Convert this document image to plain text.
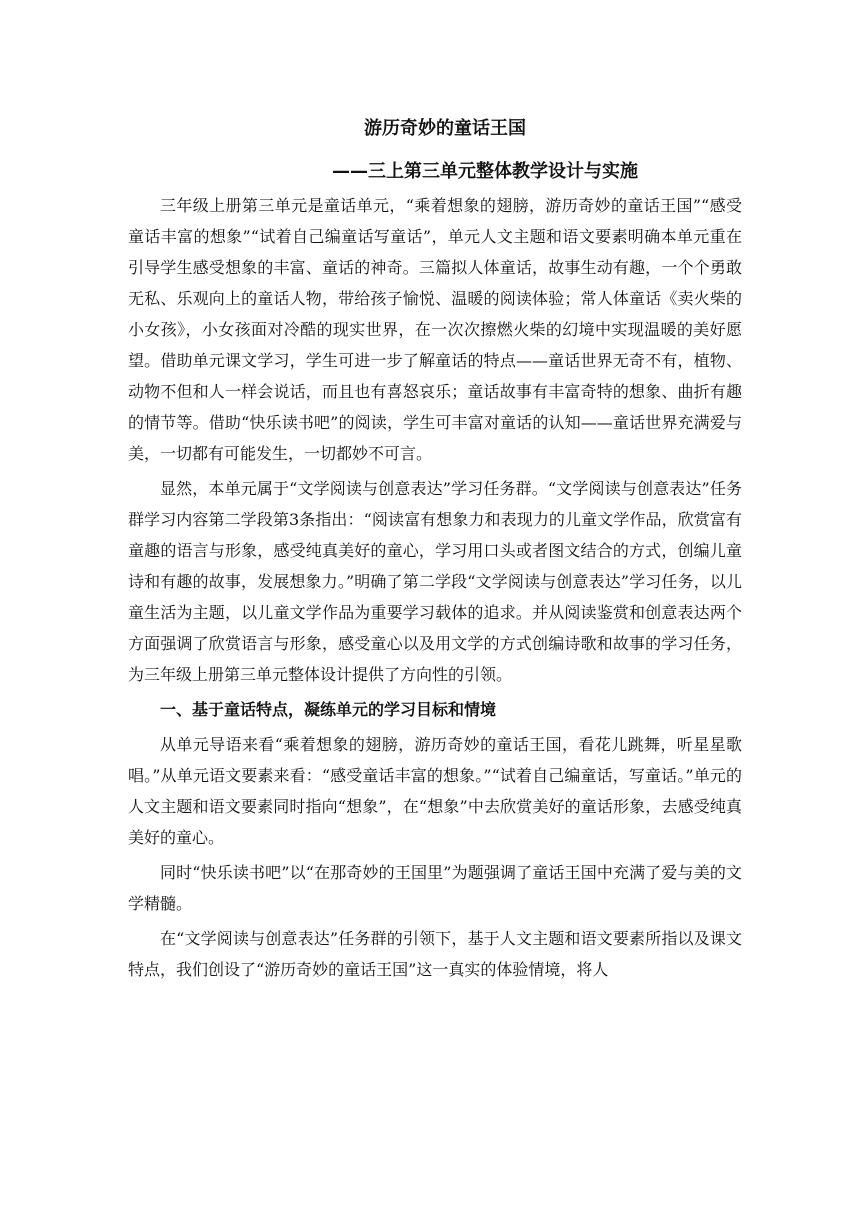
游历奇妙的童话王国
——三上第三单元整体教学设计与实施

三年级上册第三单元是童话单元，“乘着想象的翅膀，游历奇妙的童话王国”“感受童话丰富的想象”“试着自己编童话写童话”，单元人文主题和语文要素明确本单元重在引导学生感受想象的丰富、童话的神奇。三篇拟人体童话，故事生动有趣，一个个勇敢无私、乐观向上的童话人物，带给孩子愉悦、温暖的阅读体验；常人体童话《卖火柴的小女孩》，小女孩面对冷酷的现实世界，在一次次擦燃火柴的幻境中实现温暖的美好愿望。借助单元课文学习，学生可进一步了解童话的特点——童话世界无奇不有，植物、动物不但和人一样会说话，而且也有喜怒哀乐；童话故事有丰富奇特的想象、曲折有趣的情节等。借助“快乐读书吧”的阅读，学生可丰富对童话的认知——童话世界充满爱与美，一切都有可能发生，一切都妙不可言。

显然，本单元属于“文学阅读与创意表达”学习任务群。“文学阅读与创意表达”任务群学习内容第二学段第3条指出：“阅读富有想象力和表现力的儿童文学作品，欣赏富有童趣的语言与形象，感受纯真美好的童心，学习用口头或者图文结合的方式，创编儿童诗和有趣的故事，发展想象力。”明确了第二学段“文学阅读与创意表达”学习任务，以儿童生活为主题，以儿童文学作品为重要学习载体的追求。并从阅读鉴赏和创意表达两个方面强调了欣赏语言与形象，感受童心以及用文学的方式创编诗歌和故事的学习任务，为三年级上册第三单元整体设计提供了方向性的引领。

一、基于童话特点，凝练单元的学习目标和情境

从单元导语来看“乘着想象的翅膀，游历奇妙的童话王国，看花儿跳舞，听星星歌唱。”从单元语文要素来看：“感受童话丰富的想象。”“试着自己编童话，写童话。”单元的人文主题和语文要素同时指向“想象”，在“想象”中去欣赏美好的童话形象，去感受纯真美好的童心。

同时“快乐读书吧”以“在那奇妙的王国里”为题强调了童话王国中充满了爱与美的文学精髓。

在“文学阅读与创意表达”任务群的引领下，基于人文主题和语文要素所指以及课文特点，我们创设了“游历奇妙的童话王国”这一真实的体验情境，将人
